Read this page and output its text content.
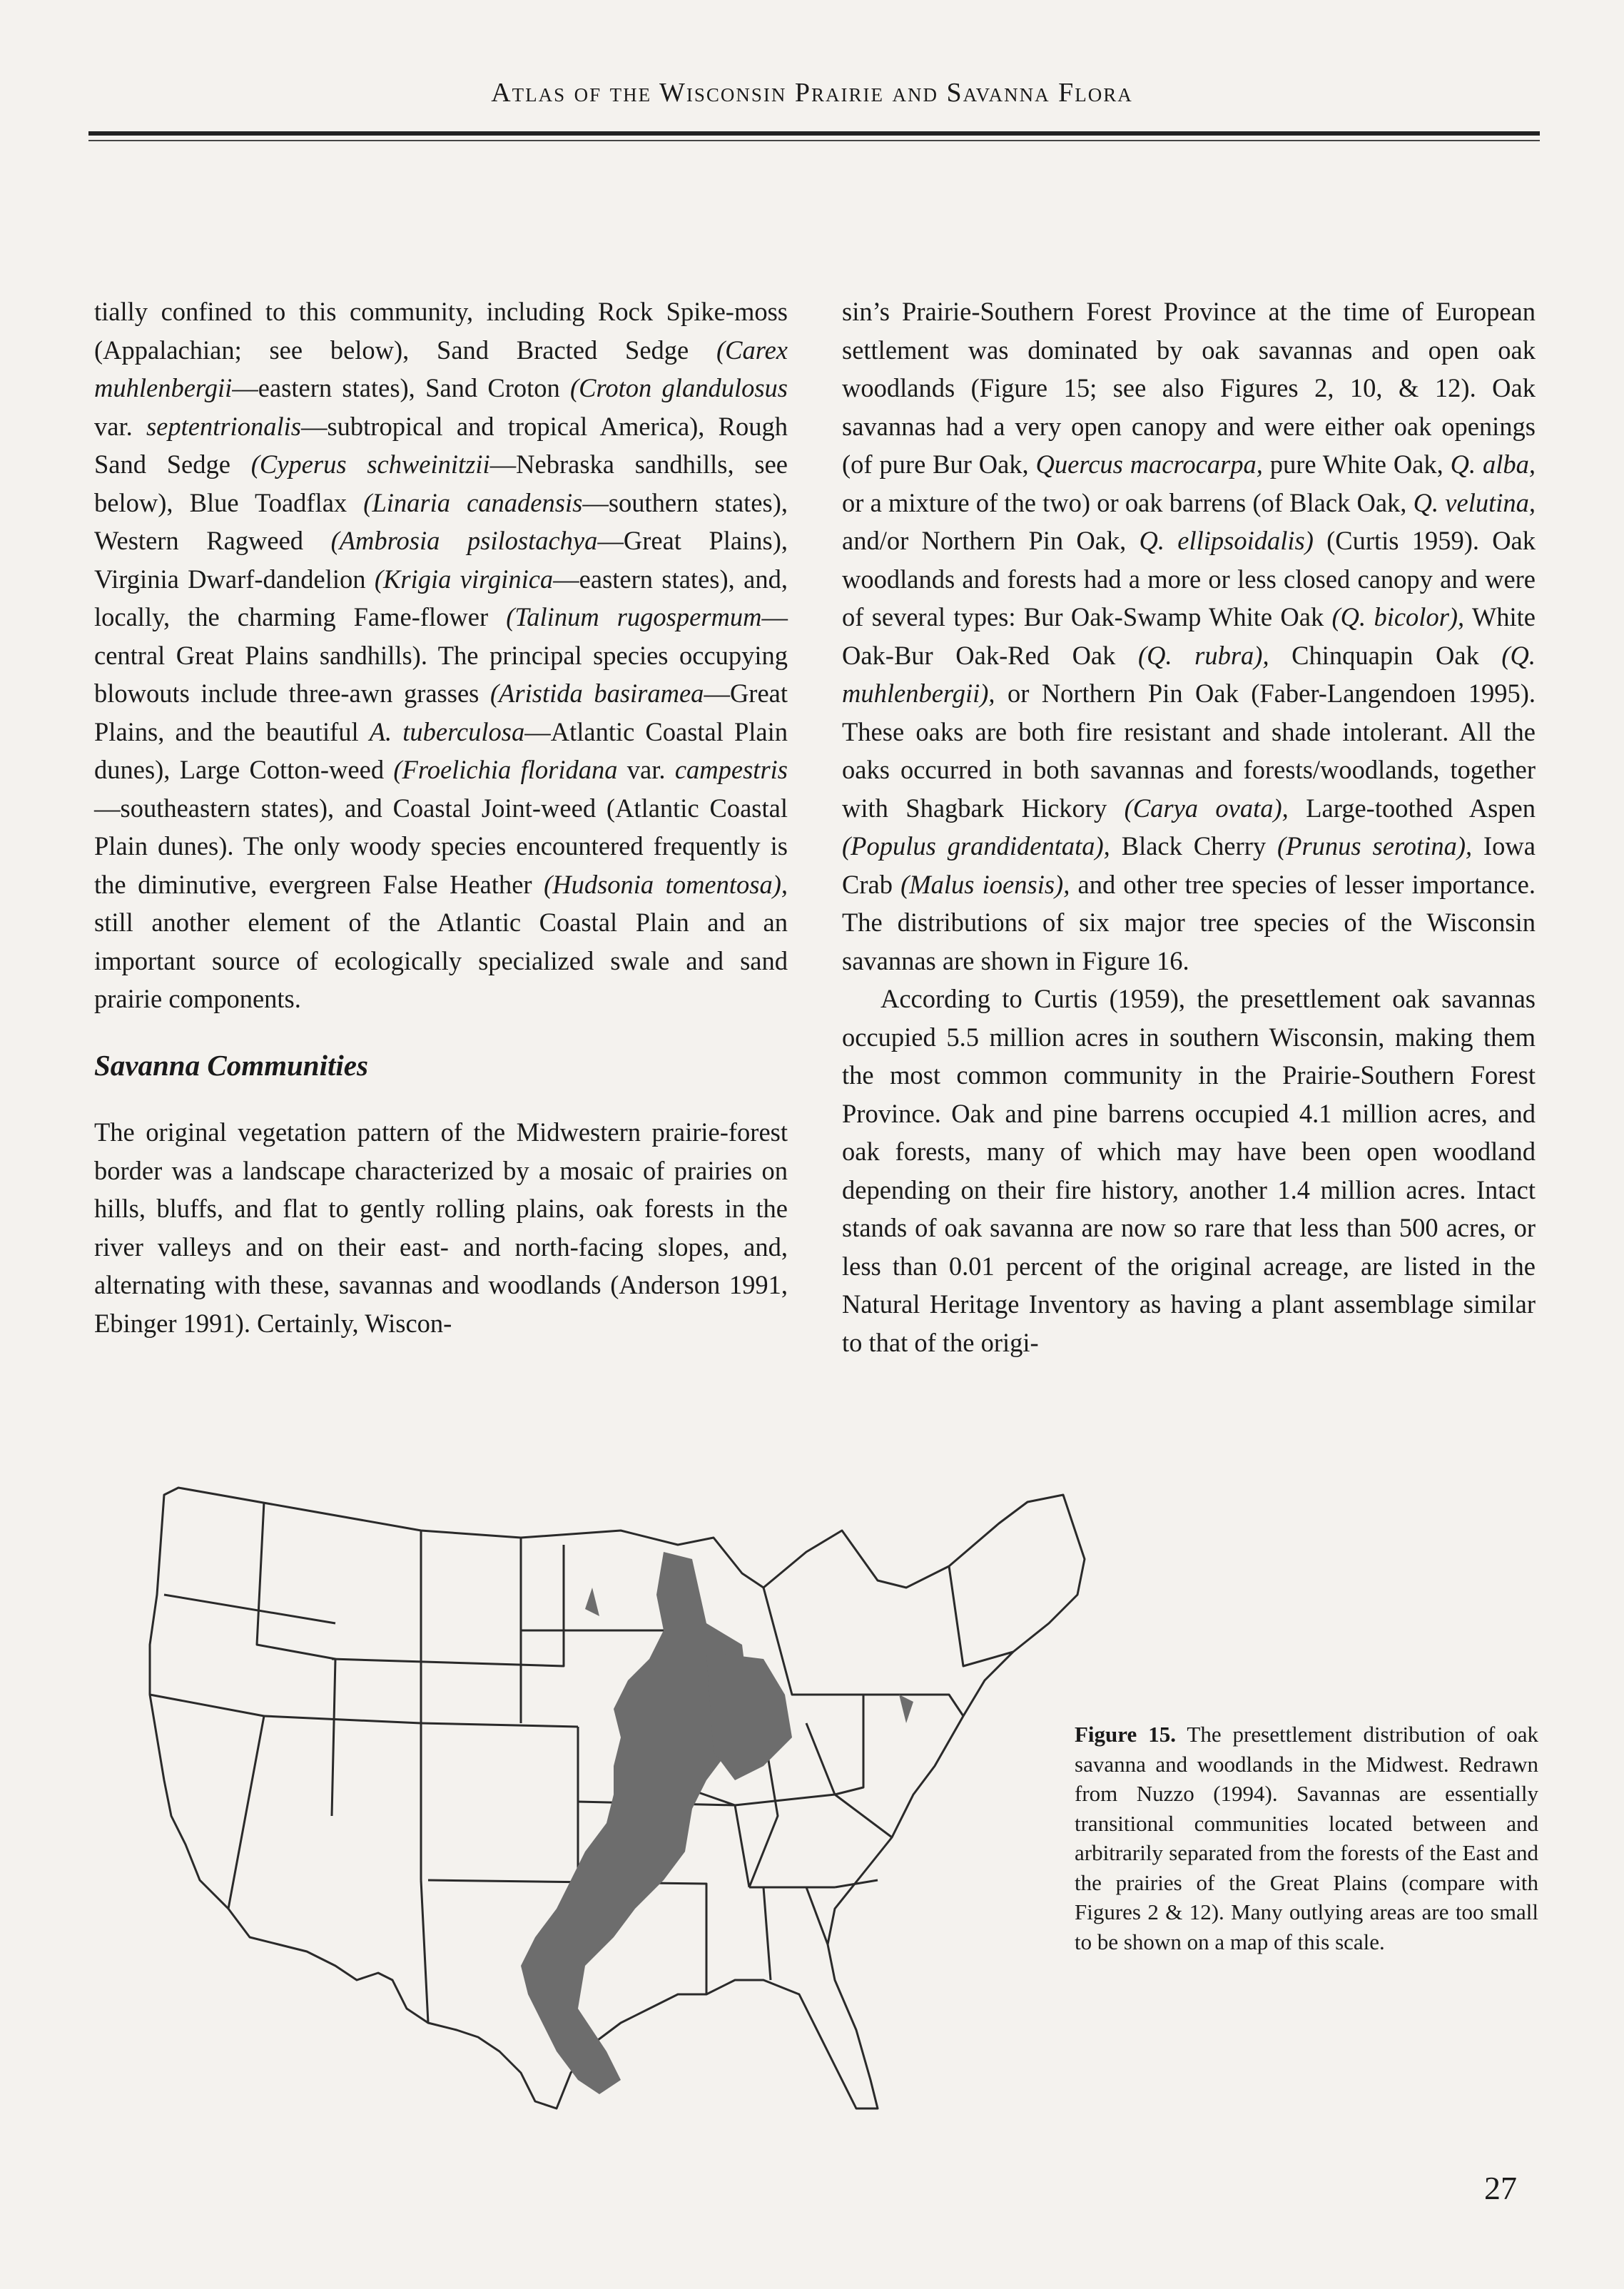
Atlas of the Wisconsin Prairie and Savanna Flora

tially confined to this community, including Rock Spike-moss (Appalachian; see below), Sand Bracted Sedge (Carex muhlenbergii—eastern states), Sand Croton (Croton glandulosus var. septentrionalis—subtropical and tropical America), Rough Sand Sedge (Cyperus schweinitzii—Nebraska sandhills, see below), Blue Toadflax (Linaria canadensis—southern states), Western Ragweed (Ambrosia psilostachya—Great Plains), Virginia Dwarf-dandelion (Krigia virginica—eastern states), and, locally, the charming Fame-flower (Talinum rugospermum—central Great Plains sandhills). The principal species occupying blowouts include three-awn grasses (Aristida basiramea—Great Plains, and the beautiful A. tuberculosa—Atlantic Coastal Plain dunes), Large Cotton-weed (Froelichia floridana var. campestris—southeastern states), and Coastal Joint-weed (Atlantic Coastal Plain dunes). The only woody species encountered frequently is the diminutive, evergreen False Heather (Hudsonia tomentosa), still another element of the Atlantic Coastal Plain and an important source of ecologically specialized swale and sand prairie components.

Savanna Communities

The original vegetation pattern of the Midwestern prairie-forest border was a landscape characterized by a mosaic of prairies on hills, bluffs, and flat to gently rolling plains, oak forests in the river valleys and on their east- and north-facing slopes, and, alternating with these, savannas and woodlands (Anderson 1991, Ebinger 1991). Certainly, Wiscon-

sin’s Prairie-Southern Forest Province at the time of European settlement was dominated by oak savannas and open oak woodlands (Figure 15; see also Figures 2, 10, & 12). Oak savannas had a very open canopy and were either oak openings (of pure Bur Oak, Quercus macrocarpa, pure White Oak, Q. alba, or a mixture of the two) or oak barrens (of Black Oak, Q. velutina, and/or Northern Pin Oak, Q. ellipsoidalis) (Curtis 1959). Oak woodlands and forests had a more or less closed canopy and were of several types: Bur Oak-Swamp White Oak (Q. bicolor), White Oak-Bur Oak-Red Oak (Q. rubra), Chinquapin Oak (Q. muhlenbergii), or Northern Pin Oak (Faber-Langendoen 1995). These oaks are both fire resistant and shade intolerant. All the oaks occurred in both savannas and forests/woodlands, together with Shagbark Hickory (Carya ovata), Large-toothed Aspen (Populus grandidentata), Black Cherry (Prunus serotina), Iowa Crab (Malus ioensis), and other tree species of lesser importance. The distributions of six major tree species of the Wisconsin savannas are shown in Figure 16.

According to Curtis (1959), the presettlement oak savannas occupied 5.5 million acres in southern Wisconsin, making them the most common community in the Prairie-Southern Forest Province. Oak and pine barrens occupied 4.1 million acres, and oak forests, many of which may have been open woodland depending on their fire history, another 1.4 million acres. Intact stands of oak savanna are now so rare that less than 500 acres, or less than 0.01 percent of the original acreage, are listed in the Natural Heritage Inventory as having a plant assemblage similar to that of the origi-

Figure 15. The presettlement distribution of oak savanna and woodlands in the Midwest. Redrawn from Nuzzo (1994). Savannas are essentially transitional communities located between and arbitrarily separated from the forests of the East and the prairies of the Great Plains (compare with Figures 2 & 12). Many outlying areas are too small to be shown on a map of this scale.
27
